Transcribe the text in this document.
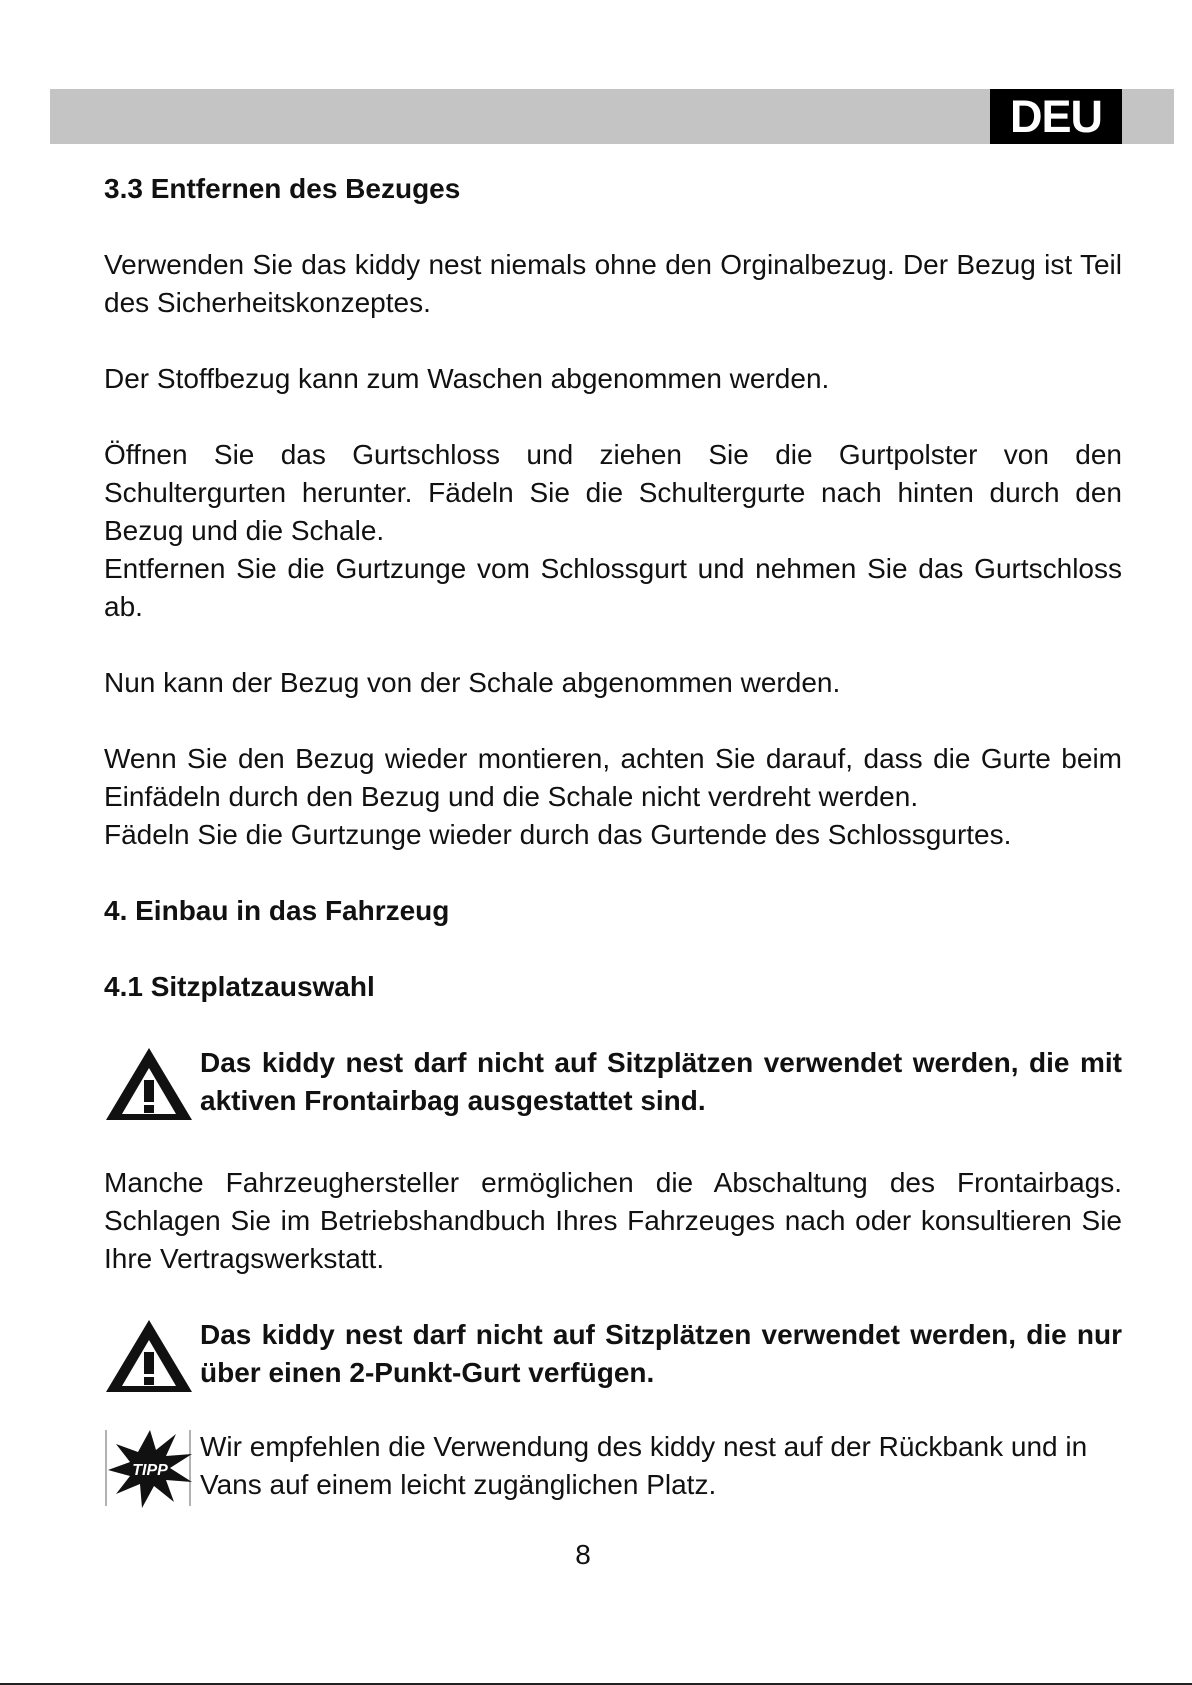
DEU

3.3 Entfernen des Bezuges

Verwenden Sie das kiddy nest niemals ohne den Orginalbezug. Der Bezug ist Teil des Sicherheitskonzeptes.

Der Stoffbezug kann zum Waschen abgenommen werden.

Öffnen Sie das Gurtschloss und ziehen Sie die Gurtpolster von den Schultergurten herunter. Fädeln Sie die Schultergurte nach hinten durch den Bezug und die Schale.

Entfernen Sie die Gurtzunge vom Schlossgurt und nehmen Sie das Gurtschloss ab.

Nun kann der Bezug von der Schale abgenommen werden.

Wenn Sie den Bezug wieder montieren, achten Sie darauf, dass die Gurte beim Einfädeln durch den Bezug und die Schale nicht verdreht werden.

Fädeln Sie die Gurtzunge wieder durch das Gurtende des Schlossgurtes.

4. Einbau in das Fahrzeug

4.1 Sitzplatzauswahl

Das kiddy nest darf nicht auf Sitzplätzen verwendet werden, die mit aktiven Frontairbag ausgestattet sind.

Manche Fahrzeughersteller ermöglichen die Abschaltung des Frontairbags. Schlagen Sie im Betriebshandbuch Ihres Fahrzeuges nach oder konsultieren Sie Ihre Vertragswerkstatt.

Das kiddy nest darf nicht auf Sitzplätzen verwendet werden, die nur über einen 2-Punkt-Gurt verfügen.

TIPP

Wir empfehlen die Verwendung des kiddy nest auf der Rückbank und in Vans auf einem leicht zugänglichen Platz.

8
